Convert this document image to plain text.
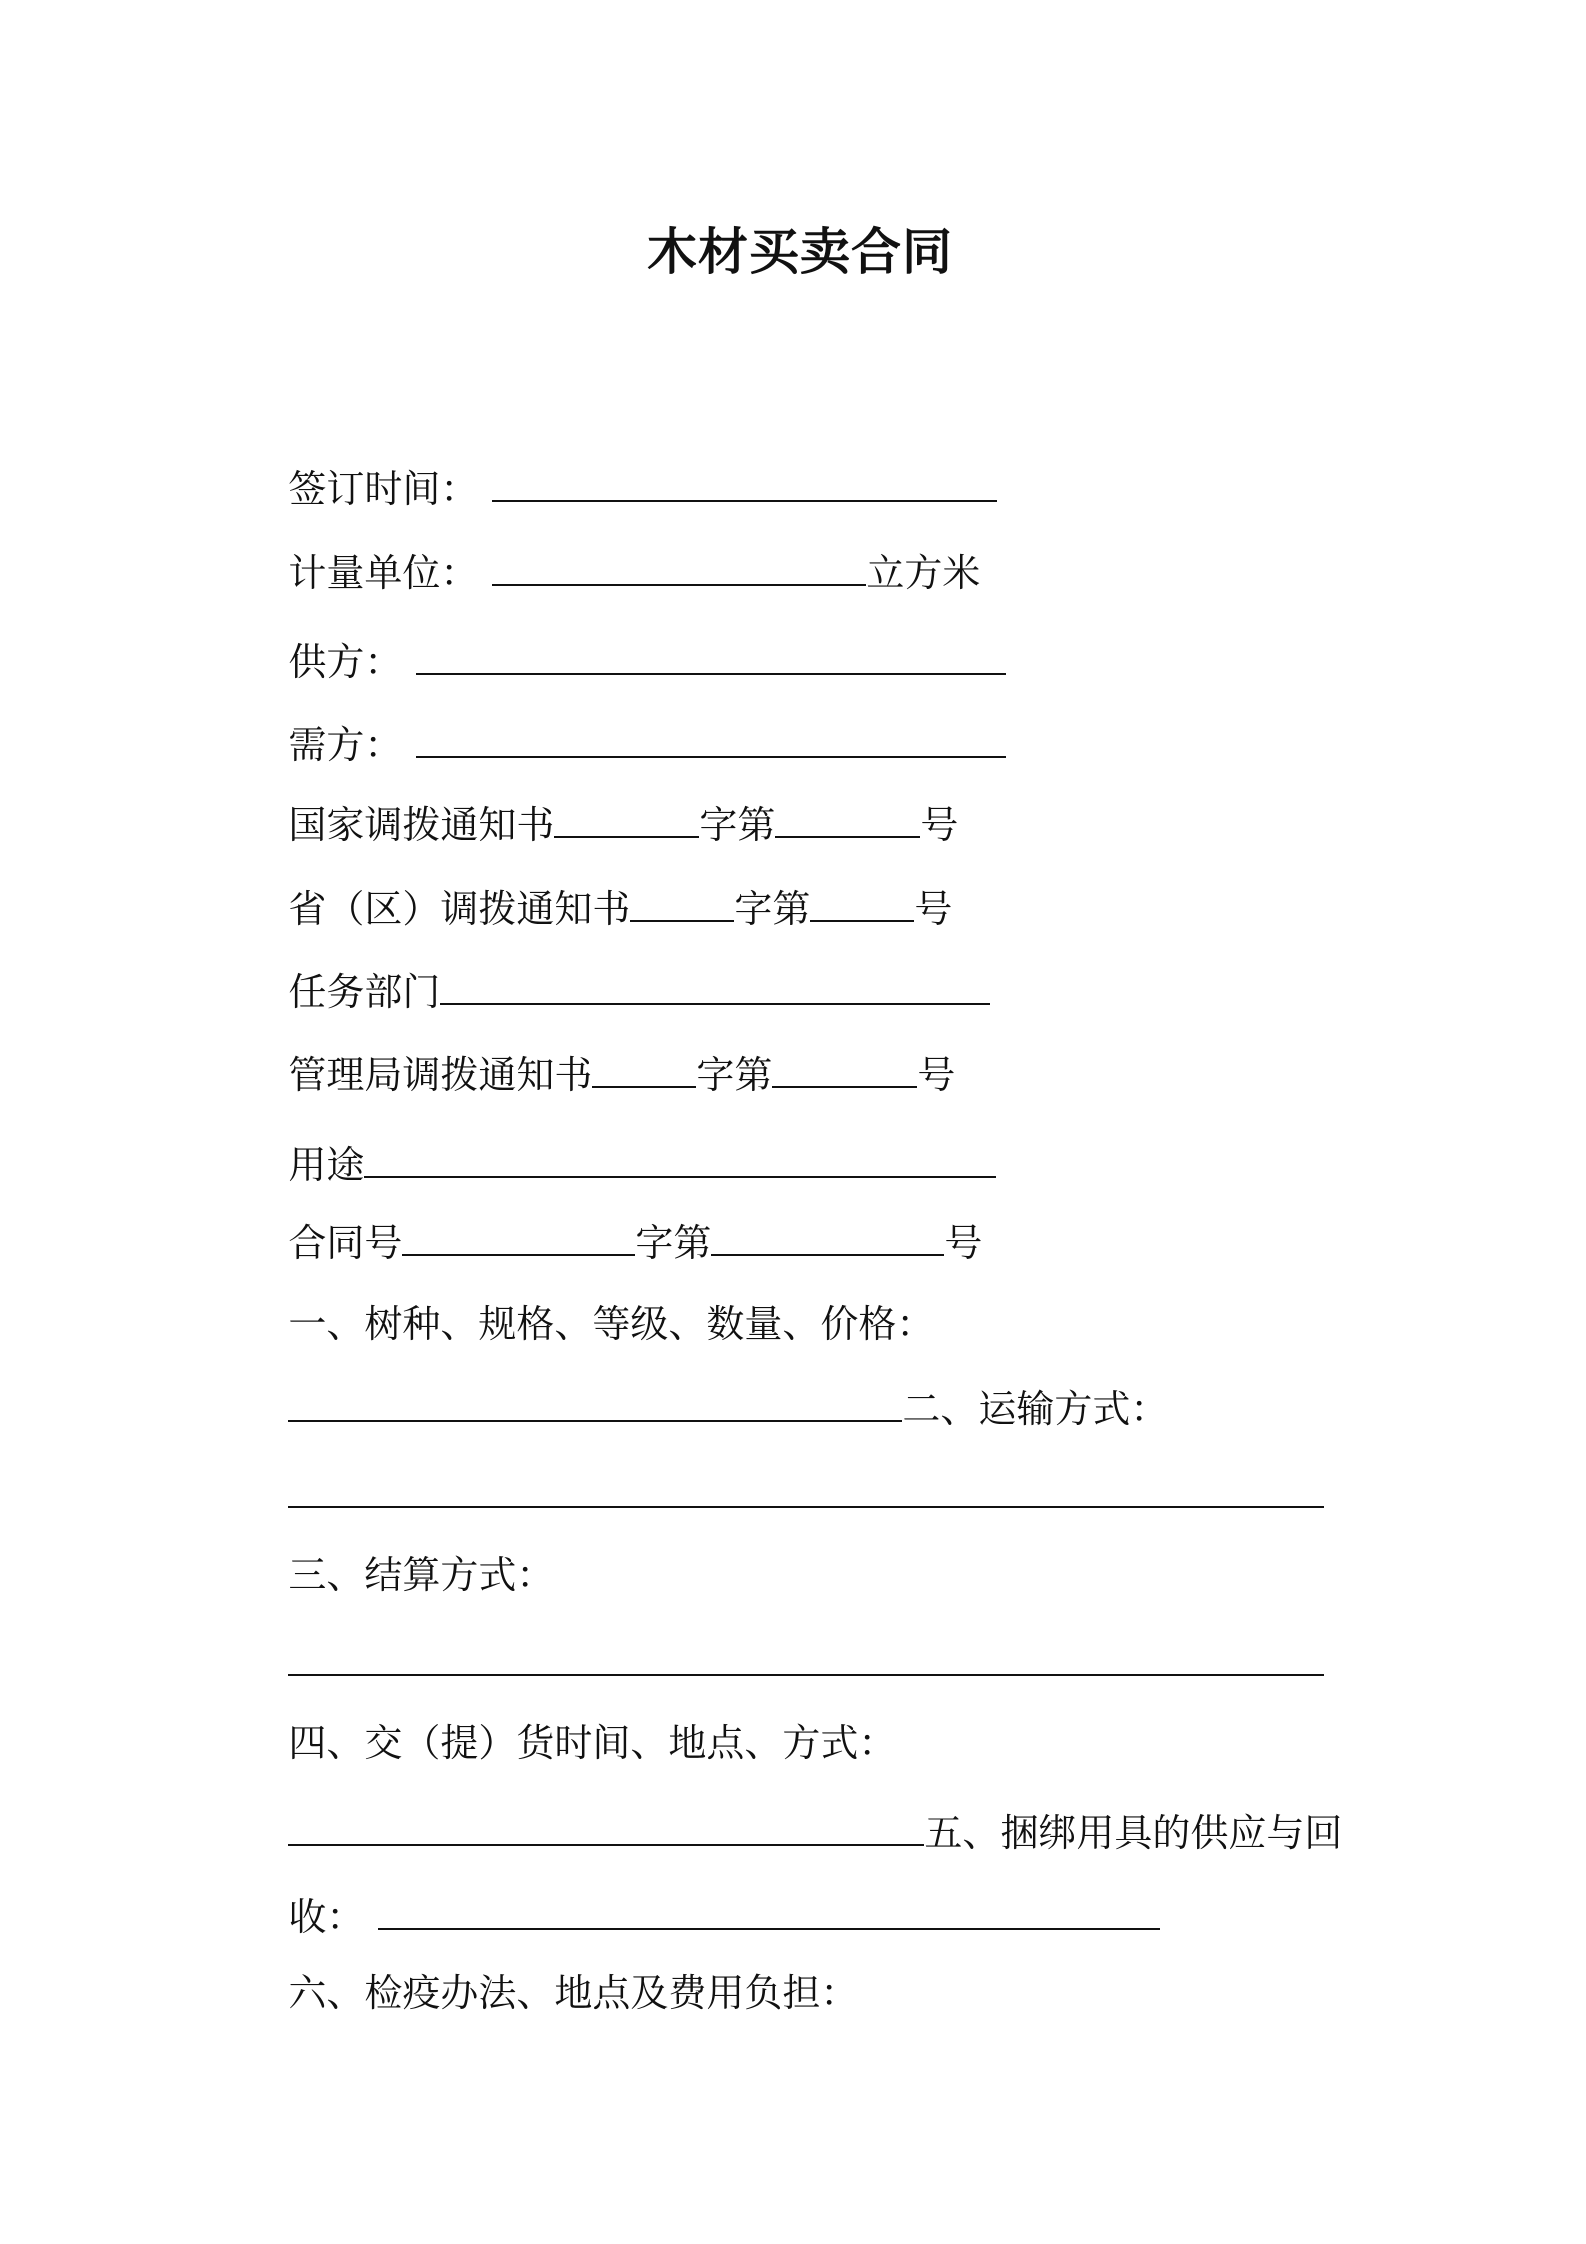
木材买卖合同

签订时间：

计量单位：	立方米

供方：

需方：

国家调拨通知书	字第	号

省（区）调拨通知书	字第	号

任务部门

管理局调拨通知书	字第	号

用途

合同号	字第	号

一、树种、规格、等级、数量、价格：

二、运输方式：

三、结算方式：

四、交（提）货时间、地点、方式：

五、捆绑用具的供应与回

收：

六、检疫办法、地点及费用负担：
